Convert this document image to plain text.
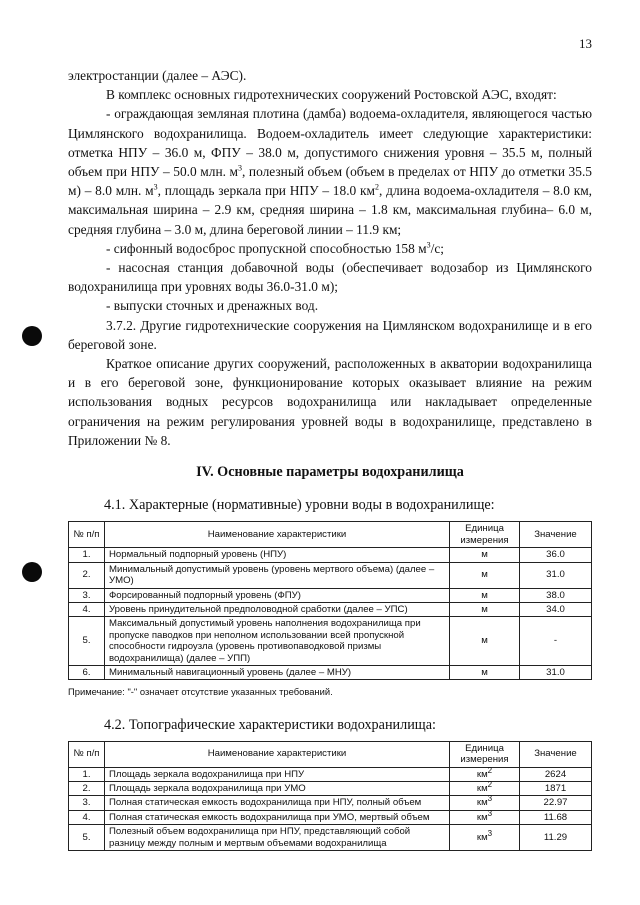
13

электростанции (далее – АЭС).

В комплекс основных гидротехнических сооружений Ростовской АЭС, входят:

- ограждающая земляная плотина (дамба) водоема-охладителя, являющегося частью Цимлянского водохранилища. Водоем-охладитель имеет следующие характеристики: отметка НПУ – 36.0 м, ФПУ – 38.0 м, допустимого снижения уровня – 35.5 м, полный объем при НПУ – 50.0 млн. $м^3$, полезный объем (объем в пределах от НПУ до отметки 35.5 м) – 8.0 млн. $м^3$, площадь зеркала при НПУ – 18.0 $км^2$, длина водоема-охладителя – 8.0 км, максимальная ширина – 2.9 км, средняя ширина – 1.8 км, максимальная глубина– 6.0 м, средняя глубина – 3.0 м, длина береговой линии – 11.9 км;

- сифонный водосброс пропускной способностью 158 $м^3/с$;

- насосная станция добавочной воды (обеспечивает водозабор из Цимлянского водохранилища при уровнях воды 36.0-31.0 м);

- выпуски сточных и дренажных вод.

3.7.2. Другие гидротехнические сооружения на Цимлянском водохранилище и в его береговой зоне.

Краткое описание других сооружений, расположенных в акватории водохранилища и в его береговой зоне, функционирование которых оказывает влияние на режим использования водных ресурсов водохранилища или накладывает определенные ограничения на режим регулирования уровней воды в водохранилище, представлено в Приложении № 8.

IV. Основные параметры водохранилища

4.1. Характерные (нормативные) уровни воды в водохранилище:

№ п/п	Наименование характеристики	Единица измерения	Значение
1.	Нормальный подпорный уровень (НПУ)	м	36.0
2.	Минимальный допустимый уровень (уровень мертвого объема) (далее – УМО)	м	31.0
3.	Форсированный подпорный уровень (ФПУ)	м	38.0
4.	Уровень принудительной предполоводной сработки (далее – УПС)	м	34.0
5.	Максимальный допустимый уровень наполнения водохранилища при пропуске паводков при неполном использовании всей пропускной способности гидроузла (уровень противопаводковой призмы водохранилища) (далее – УПП)	м	-
6.	Минимальный навигационный уровень (далее – МНУ)	м	31.0

Примечание: "-" означает отсутствие указанных требований.

4.2. Топографические характеристики водохранилища:

№ п/п	Наименование характеристики	Единица измерения	Значение
1.	Площадь зеркала водохранилища при НПУ	$км^2$	2624
2.	Площадь зеркала водохранилища при УМО	$км^2$	1871
3.	Полная статическая емкость водохранилища при НПУ, полный объем	$км^3$	22.97
4.	Полная статическая емкость водохранилища при УМО, мертвый объем	$км^3$	11.68
5.	Полезный объем водохранилища при НПУ, представляющий собой разницу между полным и мертвым объемами водохранилища	$км^3$	11.29
